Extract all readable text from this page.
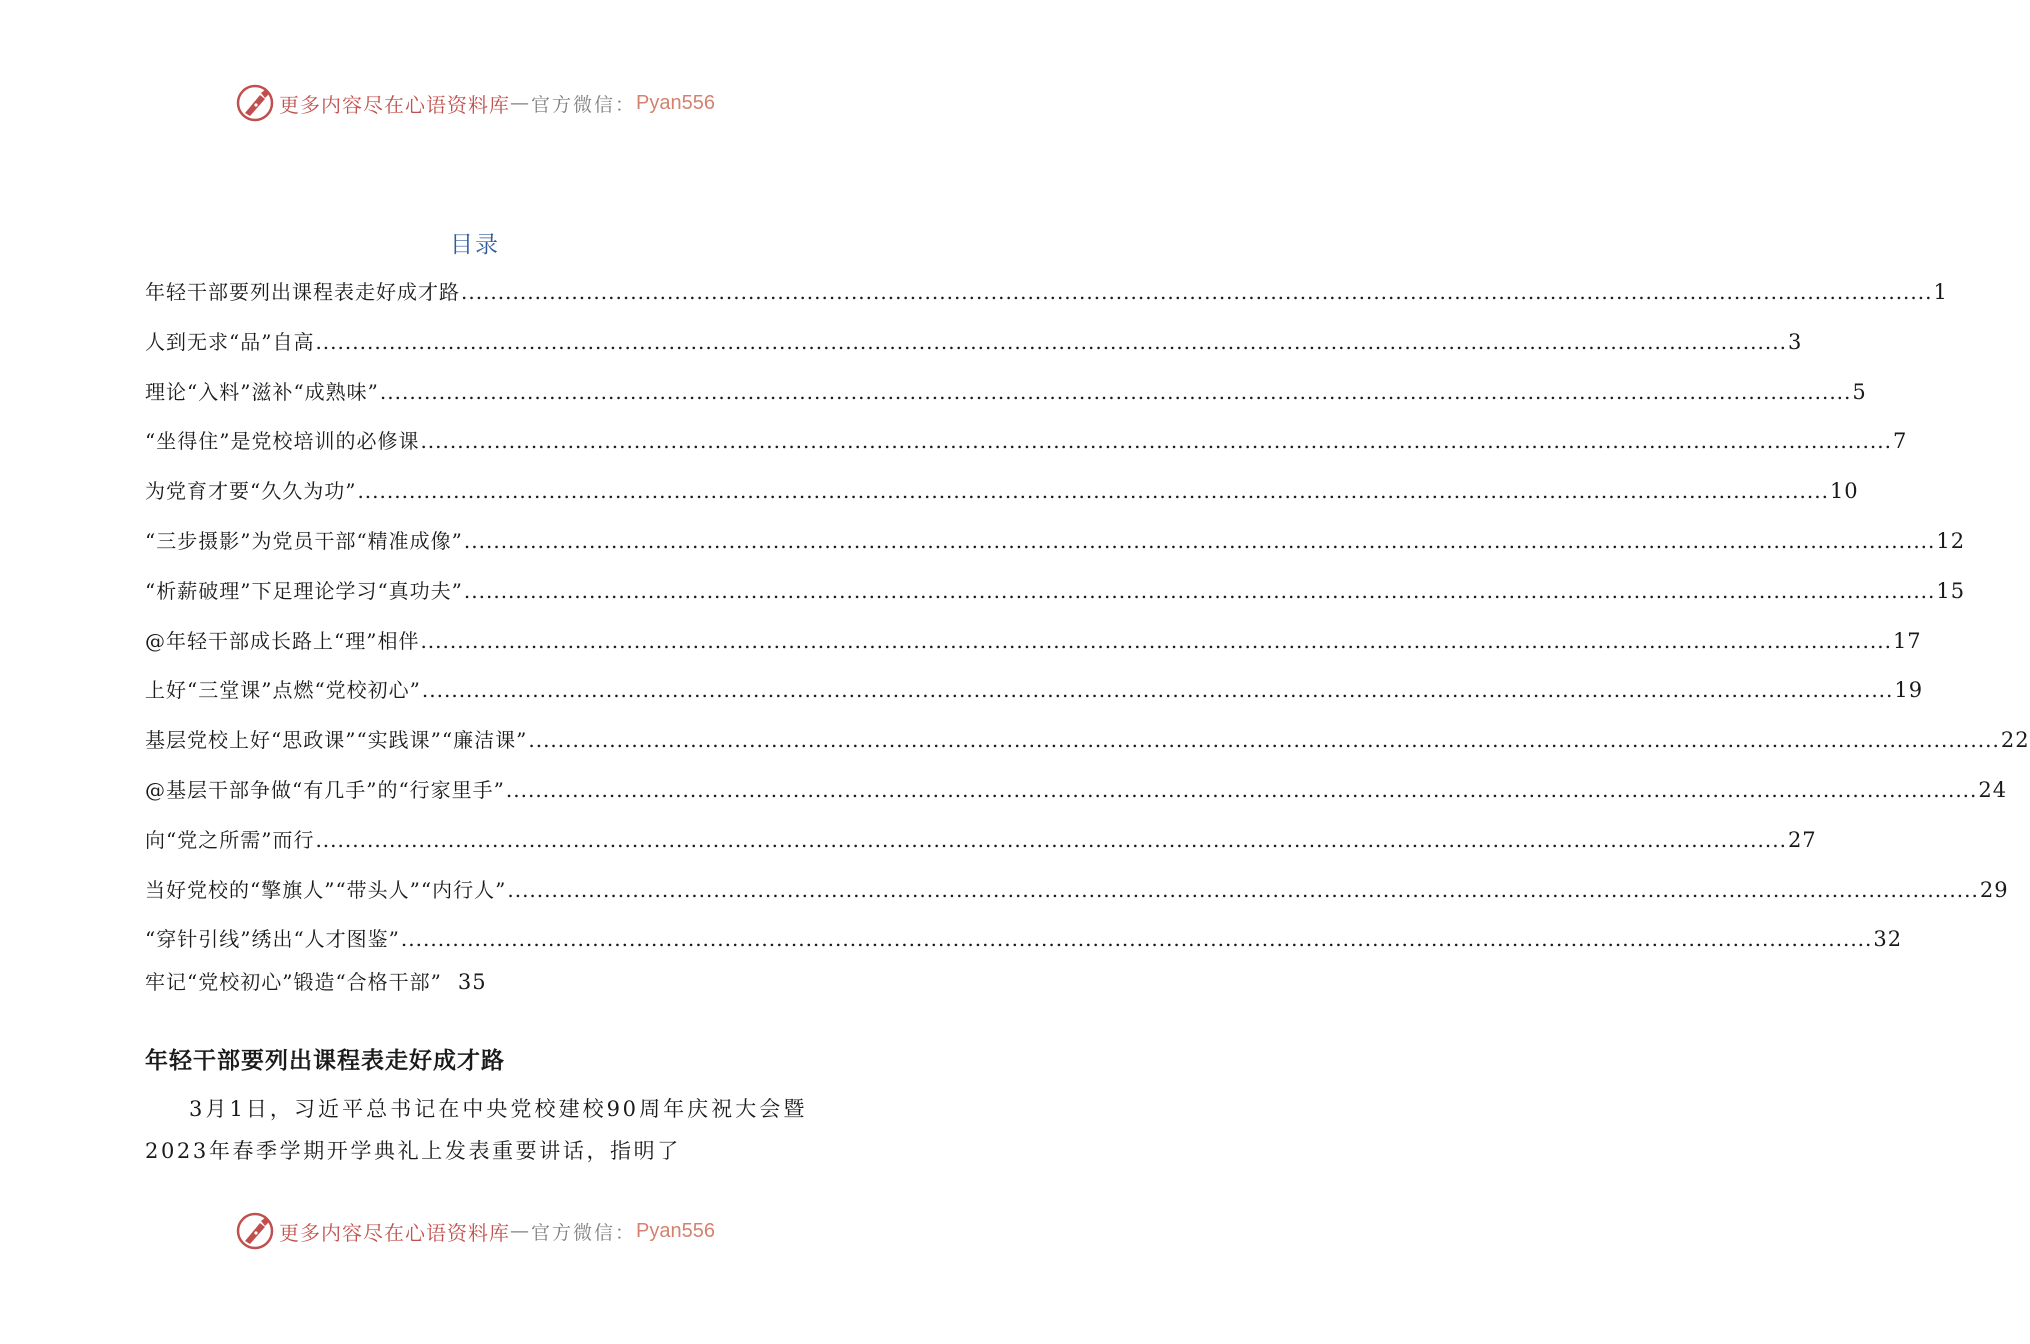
更多内容尽在心语资料库 — 官方微信： Pyan556
目录
年轻干部要列出课程表走好成才路 ........................................................................................................................................................................................................ 1
人到无求“品”自高 ........................................................................................................................................................................................................ 3
理论“入料”滋补“成熟味” ........................................................................................................................................................................................................ 5
“坐得住”是党校培训的必修课 ........................................................................................................................................................................................................ 7
为党育才要“久久为功” ........................................................................................................................................................................................................ 10
“三步摄影”为党员干部“精准成像” ........................................................................................................................................................................................................ 12
“析薪破理”下足理论学习“真功夫” ........................................................................................................................................................................................................ 15
@年轻干部成长路上“理”相伴 ........................................................................................................................................................................................................ 17
上好“三堂课”点燃“党校初心” ........................................................................................................................................................................................................ 19
基层党校上好“思政课”“实践课”“廉洁课” ........................................................................................................................................................................................................ 22
@基层干部争做“有几手”的“行家里手” ........................................................................................................................................................................................................ 24
向“党之所需”而行 ........................................................................................................................................................................................................ 27
当好党校的“擎旗人”“带头人”“内行人” ........................................................................................................................................................................................................ 29
“穿针引线”绣出“人才图鉴” ........................................................................................................................................................................................................ 32
牢记“党校初心”锻造“合格干部” 35
年轻干部要列出课程表走好成才路
3月1日，习近平总书记在中央党校建校90周年庆祝大会暨2023年春季学期开学典礼上发表重要讲话，指明了
更多内容尽在心语资料库 — 官方微信： Pyan556
